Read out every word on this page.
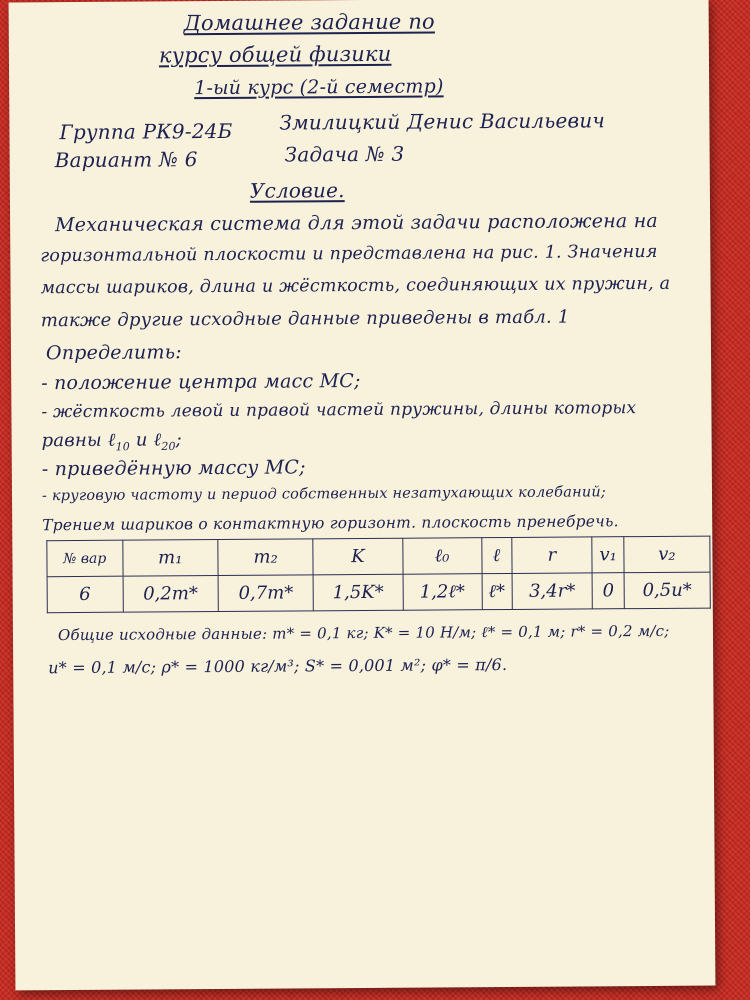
Домашнее задание по
курсу общей физики
1-ый курс (2-й семестр)
Группа РК9-24Б Змилицкий Денис Васильевич
Вариант № 6	Задача № 3
Условие.
Механическая система для этой задачи расположена на
горизонтальной плоскости и представлена на рис. 1. Значения
массы шариков, длина и жёсткость, соединяющих их пружин, а
также другие исходные данные приведены в табл. 1
Определить:
- положение центра масс МС;
- жёсткость левой и правой частей пружины, длины которых
равны ℓ$_{10}$ и ℓ$_{20}$;
- приведённую массу МС;
- круговую частоту и период собственных незатухающих колебаний;
Трением шариков о контактную горизонт. плоскость пренебречь.
№ вар	m₁	m₂	K	ℓ₀	ℓ	r	v₁	v₂
6	0,2m*	0,7m*	1,5K*	1,2ℓ*	ℓ*	3,4r*	0	0,5u*
Общие исходные данные: m* = 0,1 кг; K* = 10 Н/м; ℓ* = 0,1 м; r* = 0,2 м/с;
u* = 0,1 м/с; ρ* = 1000 кг/м³; S* = 0,001 м²; φ* = π/6.
